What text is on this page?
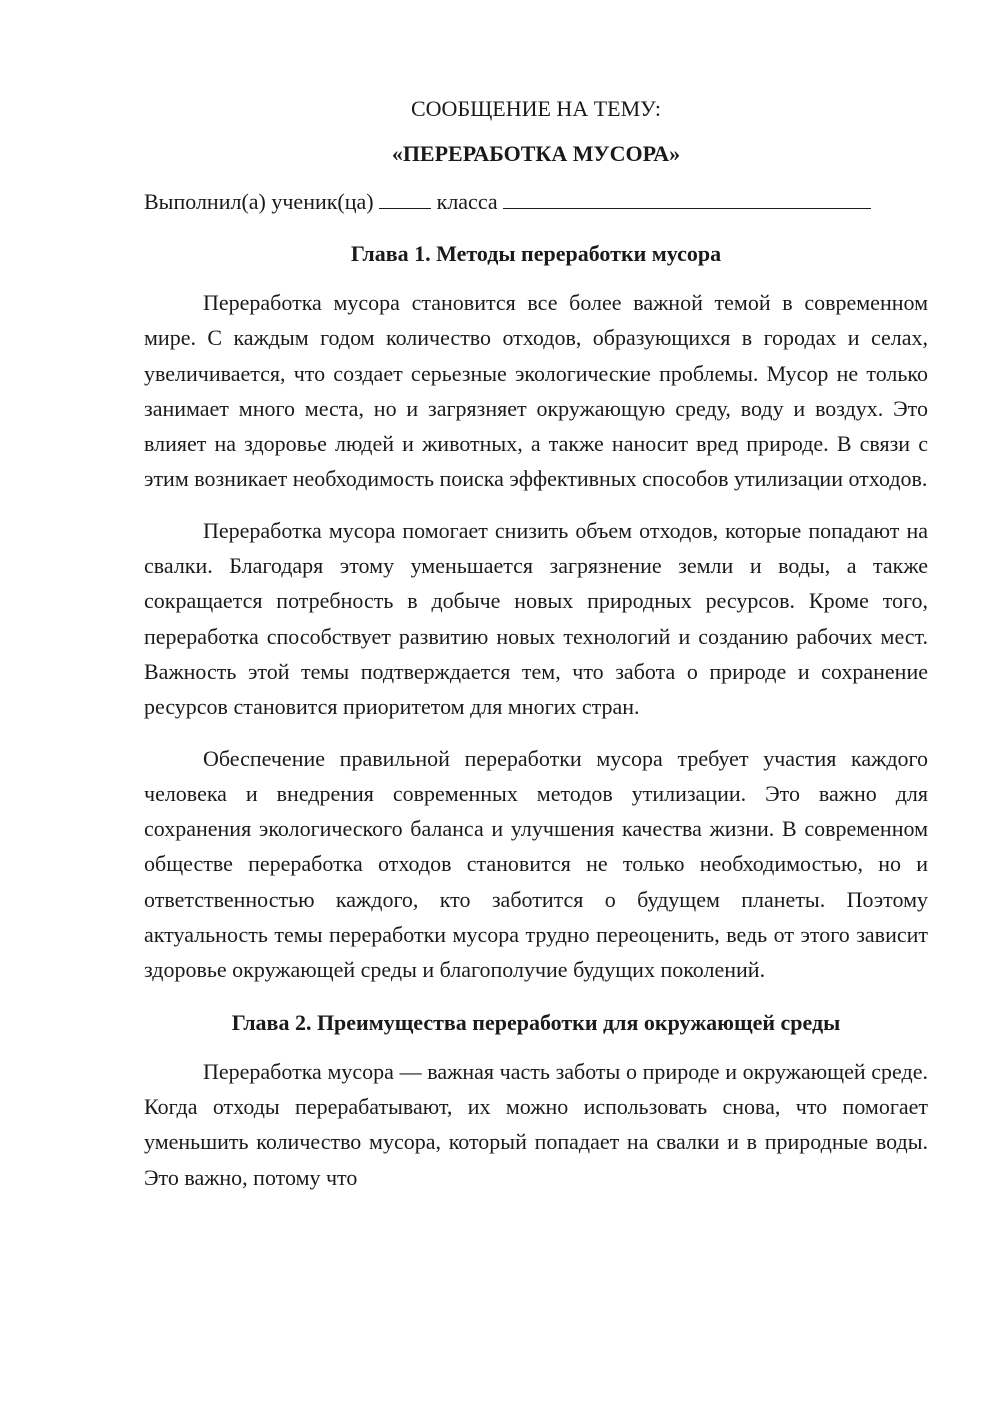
СООБЩЕНИЕ НА ТЕМУ:

«ПЕРЕРАБОТКА МУСОРА»

Выполнил(а) ученик(ца)	класса

Глава 1. Методы переработки мусора

Переработка мусора становится все более важной темой в современном мире. С каждым годом количество отходов, образующихся в городах и селах, увеличивается, что создает серьезные экологические проблемы. Мусор не только занимает много места, но и загрязняет окружающую среду, воду и воздух. Это влияет на здоровье людей и животных, а также наносит вред природе. В связи с этим возникает необходимость поиска эффективных способов утилизации отходов.

Переработка мусора помогает снизить объем отходов, которые попадают на свалки. Благодаря этому уменьшается загрязнение земли и воды, а также сокращается потребность в добыче новых природных ресурсов. Кроме того, переработка способствует развитию новых технологий и созданию рабочих мест. Важность этой темы подтверждается тем, что забота о природе и сохранение ресурсов становится приоритетом для многих стран.

Обеспечение правильной переработки мусора требует участия каждого человека и внедрения современных методов утилизации. Это важно для сохранения экологического баланса и улучшения качества жизни. В современном обществе переработка отходов становится не только необходимостью, но и ответственностью каждого, кто заботится о будущем планеты. Поэтому актуальность темы переработки мусора трудно переоценить, ведь от этого зависит здоровье окружающей среды и благополучие будущих поколений.

Глава 2. Преимущества переработки для окружающей среды

Переработка мусора — важная часть заботы о природе и окружающей среде. Когда отходы перерабатывают, их можно использовать снова, что помогает уменьшить количество мусора, который попадает на свалки и в природные воды. Это важно, потому что
